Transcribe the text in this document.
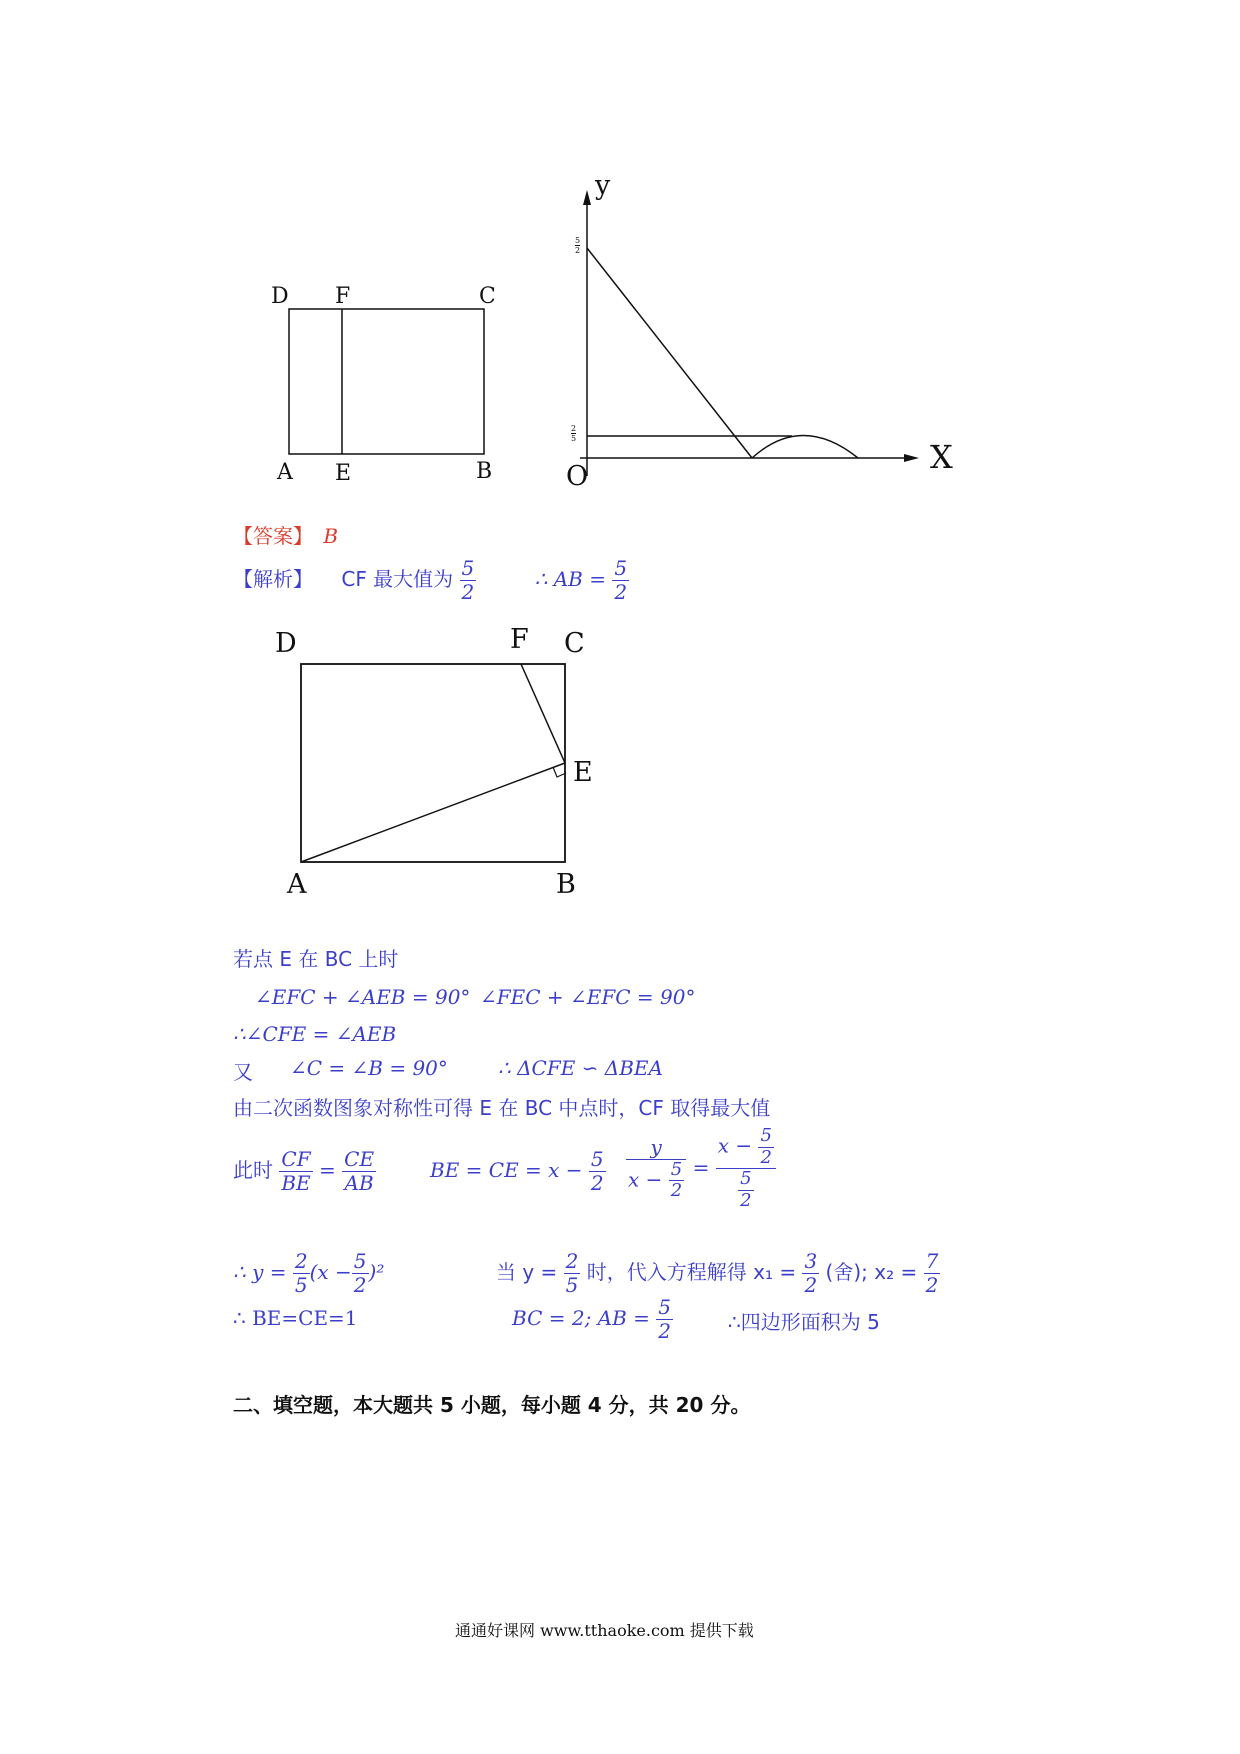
D F	C
A E	B
y
X
O
5
2
2
5
【答案】 B
【解析】 CF 最大值为 $\frac{5}{2}$	∴ AB = $\frac{5}{2}$
D	F C
E
A	B
若点 E 在 BC 上时
∠EFC + ∠AEB = 90° ∠FEC + ∠EFC = 90°
∴∠CFE = ∠AEB
又 ∠C = ∠B = 90°	∴ ΔCFE ∽ ΔBEA
由二次函数图象对称性可得 E 在 BC 中点时，CF 取得最大值
此时 $\frac{CF}{BE} = \frac{CE}{AB}$	BE = CE = $x - \frac{5}{2} \frac{y}{x - \frac{5}{2}} = \frac{x - \frac{5}{2}}{\frac{5}{2}}$
∴ $y = \frac{2}{5} (x - \frac{5}{2} )^2$	当 $y = \frac{2}{5}$ 时，代入方程解得 $x_1 = \frac{3}{2}$ (舍); $x_2 = \frac{7}{2}$
∴ BE=CE=1	BC = 2; AB = $\frac{5}{2}$	∴四边形面积为 5
二、填空题，本大题共 5 小题，每小题 4 分，共 20 分。
通通好课网 www.tthaoke.com 提供下载
